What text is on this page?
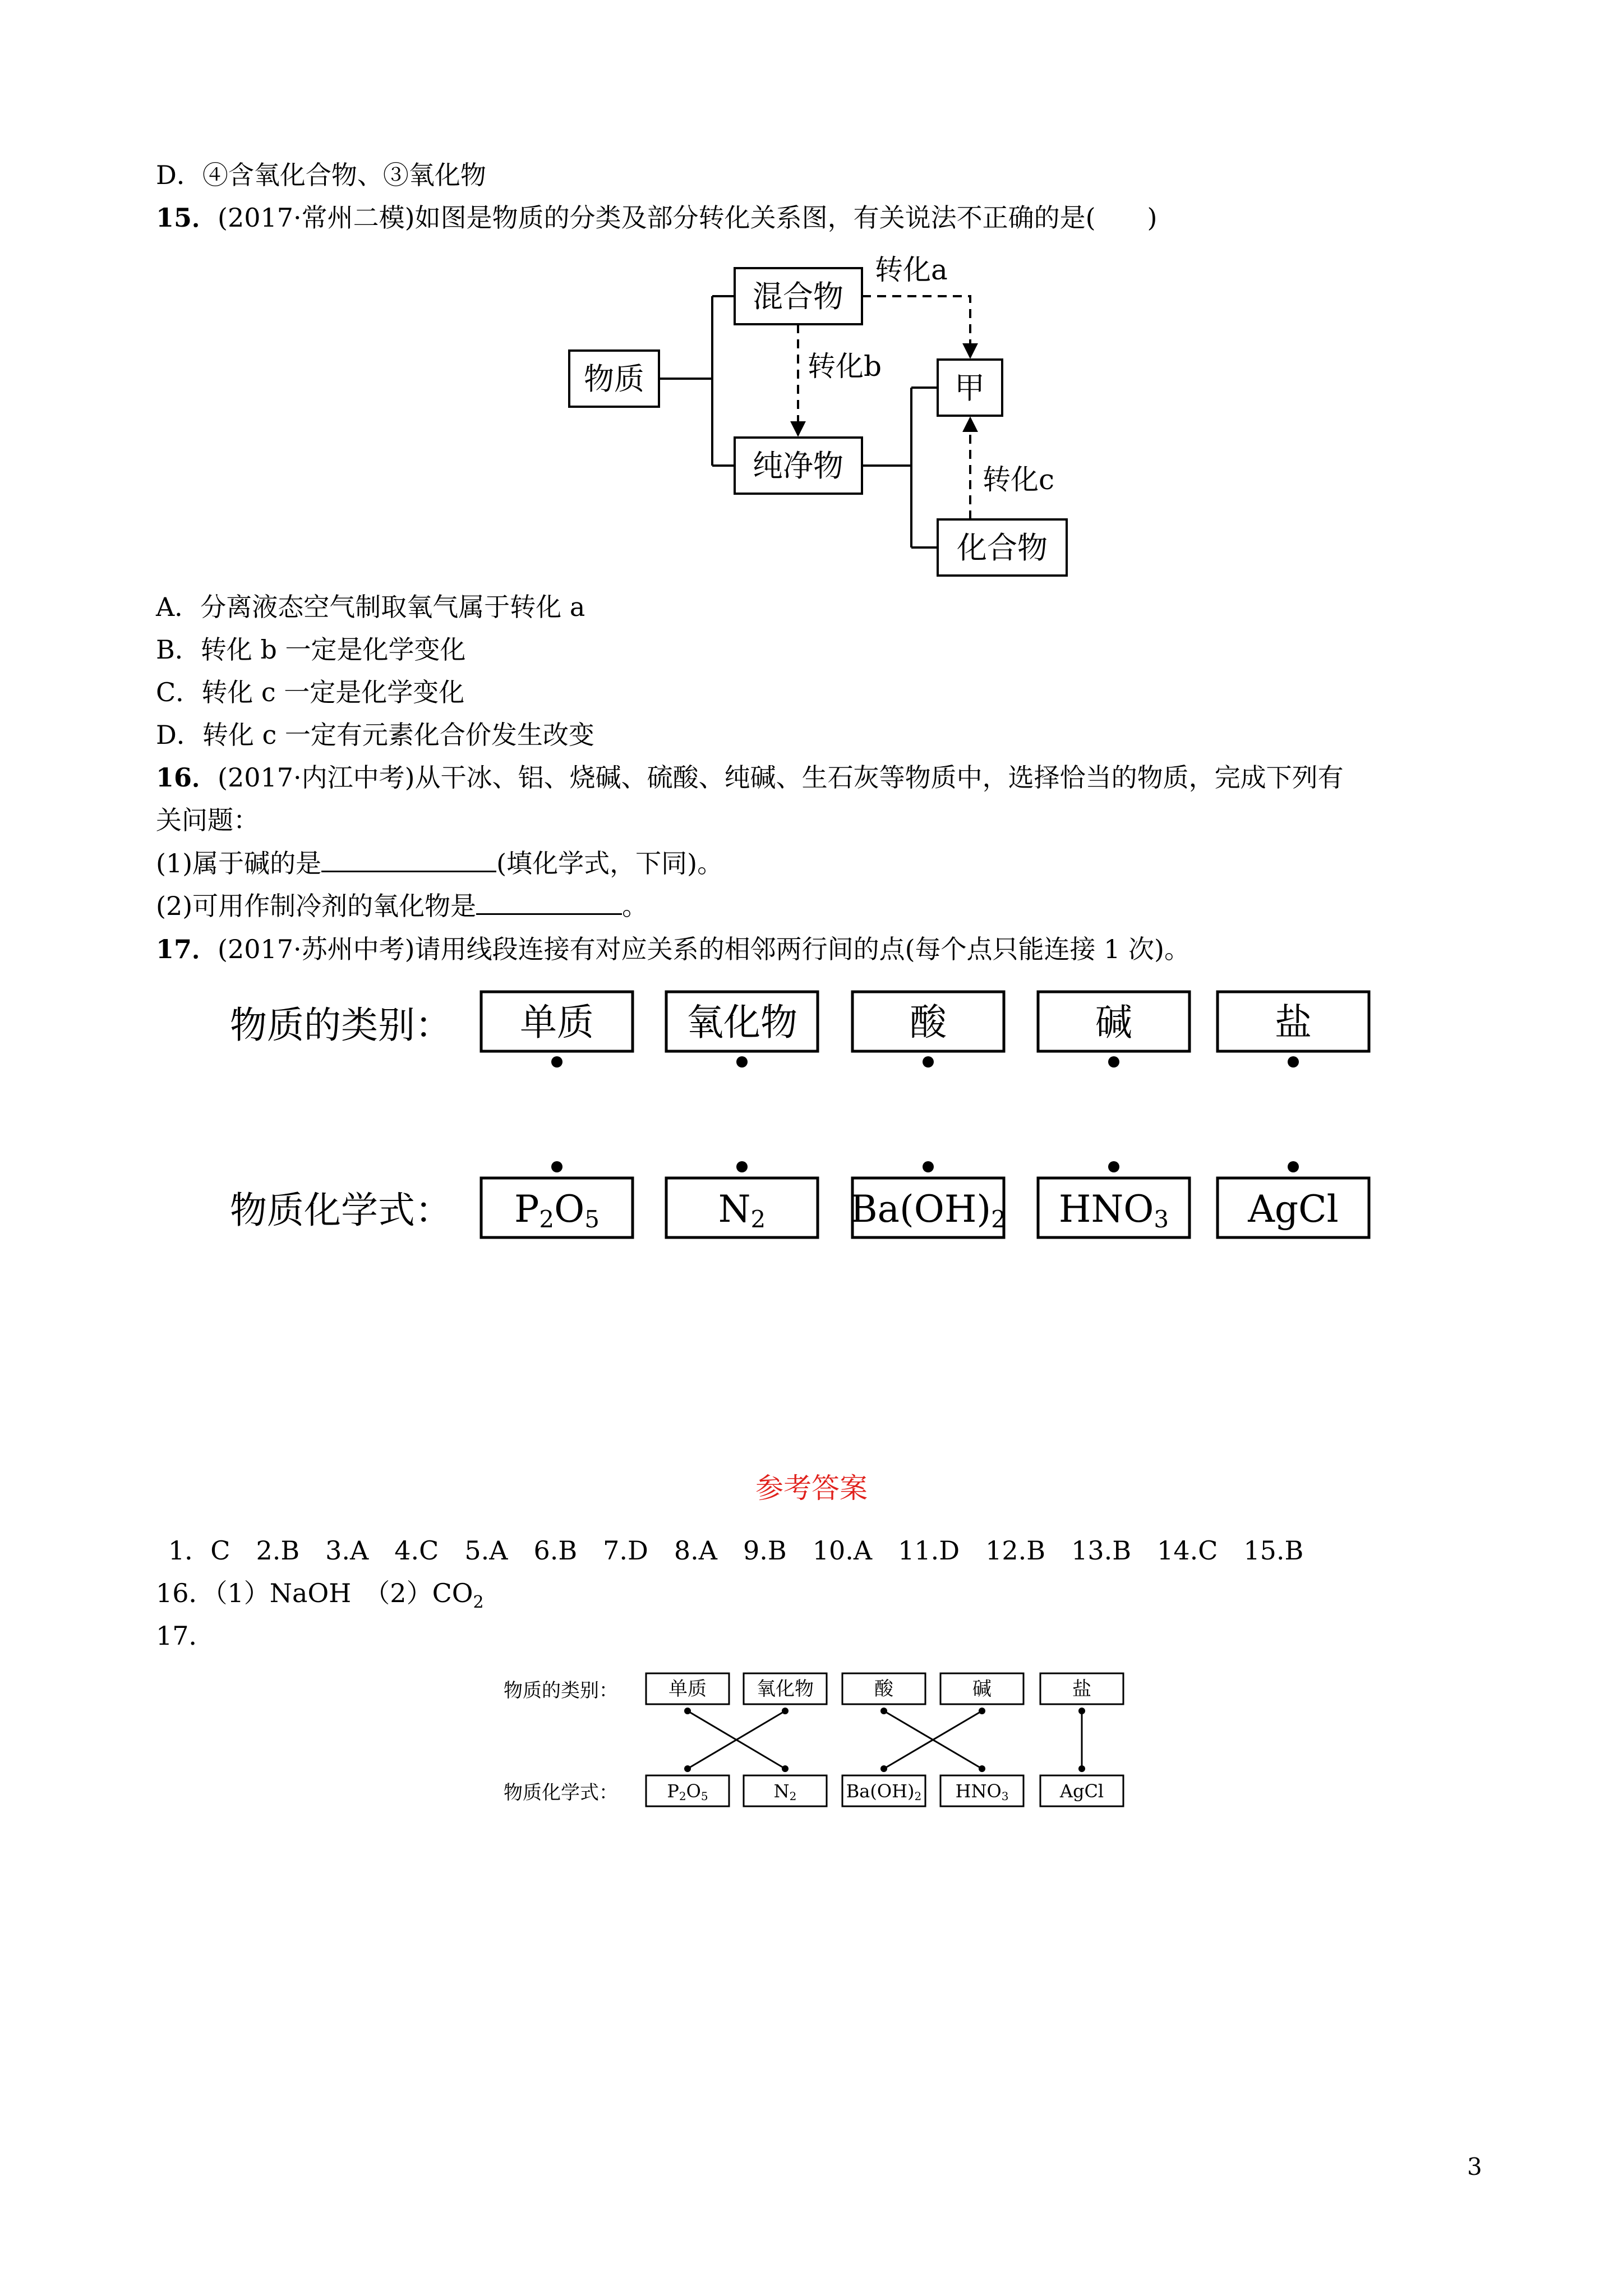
D．④含氧化合物、③氧化物
15．(2017·常州二模)如图是物质的分类及部分转化关系图，有关说法不正确的是(　　)
物质
混合物
纯净物
甲
化合物
转化a
转化b
转化c
A．分离液态空气制取氧气属于转化 a
B．转化 b 一定是化学变化
C．转化 c 一定是化学变化
D．转化 c 一定有元素化合价发生改变
16．(2017·内江中考)从干冰、铝、烧碱、硫酸、纯碱、生石灰等物质中，选择恰当的物质，完成下列有
关问题：
(1)属于碱的是	(填化学式，下同)。
(2)可用作制冷剂的氧化物是	。
17．(2017·苏州中考)请用线段连接有对应关系的相邻两行间的点(每个点只能连接 1 次)。
物质的类别：
物质化学式：
单质	氧化物	酸	碱	盐
P2O5	N2 Ba(OH)2 HNO3 AgCl
参考答案
1．C　2.B　3.A　4.C　5.A　6.B　7.D　8.A　9.B　10.A　11.D　12.B　13.B　14.C　15.B
16．（1）NaOH　$(2)CO_2$
17．
物质的类别：
物质化学式：
单质	氧化物	酸	碱	盐
P2O5	N2	Ba(OH)2 HNO3	AgCl
3
